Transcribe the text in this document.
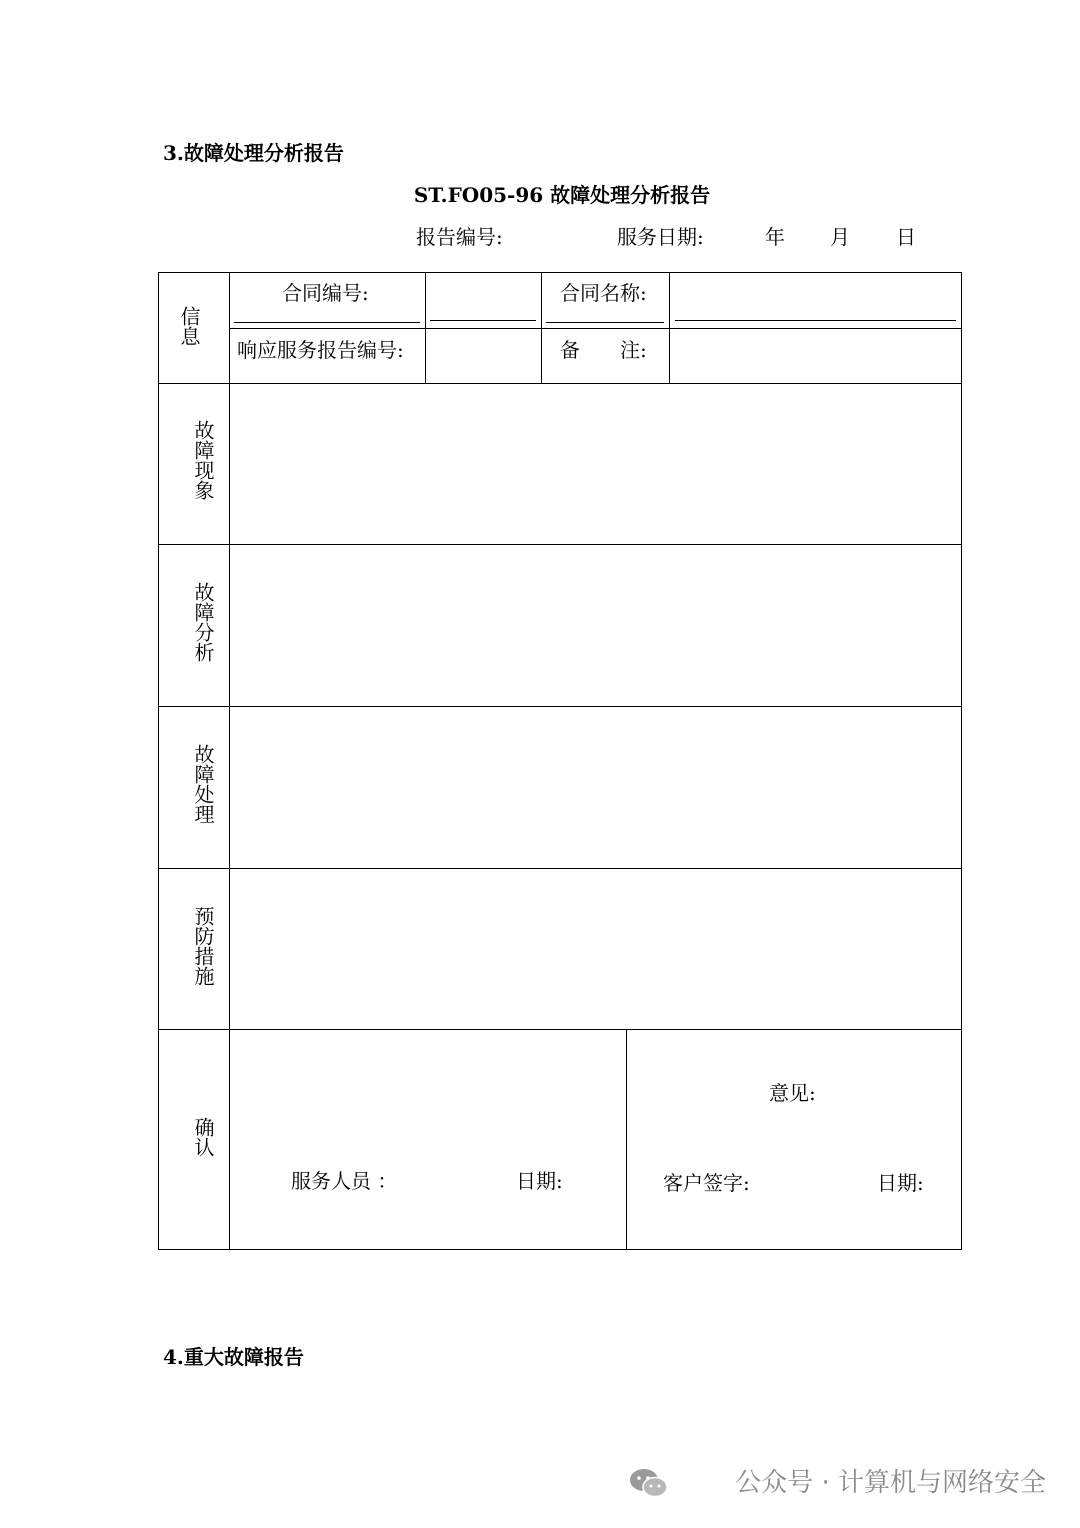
3.故障处理分析报告
ST.FO05-96 故障处理分析报告
报告编号:	服务日期:	年 月 日
信息
合同编号:	合同名称:
响应服务报告编号:	备　　注:
故障现象
故障分析
故障处理
预防措施
确认
服务人员 ：	日期:
意见:
客户签字:	日期:
4.重大故障报告
公众号 · 计算机与网络安全
